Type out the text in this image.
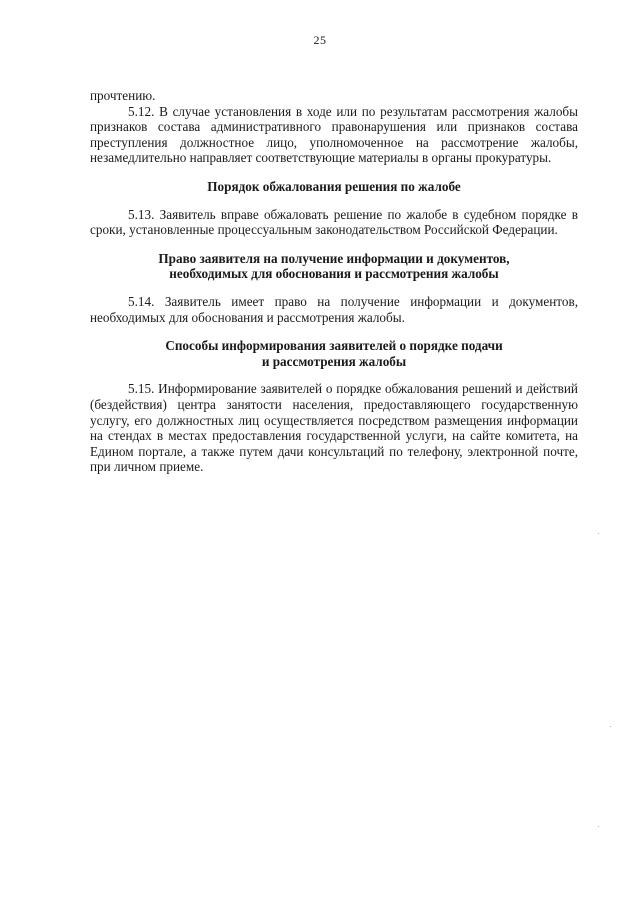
25

прочтению.

5.12. В случае установления в ходе или по результатам рассмотрения жалобы признаков состава административного правонарушения или признаков состава преступления должностное лицо, уполномоченное на рассмотрение жалобы, незамедлительно направляет соответствующие материалы в органы прокуратуры.

Порядок обжалования решения по жалобе

5.13. Заявитель вправе обжаловать решение по жалобе в судебном порядке в сроки, установленные процессуальным законодательством Российской Федерации.

Право заявителя на получение информации и документов,

необходимых для обоснования и рассмотрения жалобы

5.14. Заявитель имеет право на получение информации и документов, необходимых для обоснования и рассмотрения жалобы.

Способы информирования заявителей о порядке подачи

и рассмотрения жалобы

5.15. Информирование заявителей о порядке обжалования решений и действий (бездействия) центра занятости населения, предоставляющего государственную услугу, его должностных лиц осуществляется посредством размещения информации на стендах в местах предоставления государственной услуги, на сайте комитета, на Едином портале, а также путем дачи консультаций по телефону, электронной почте, при личном приеме.
